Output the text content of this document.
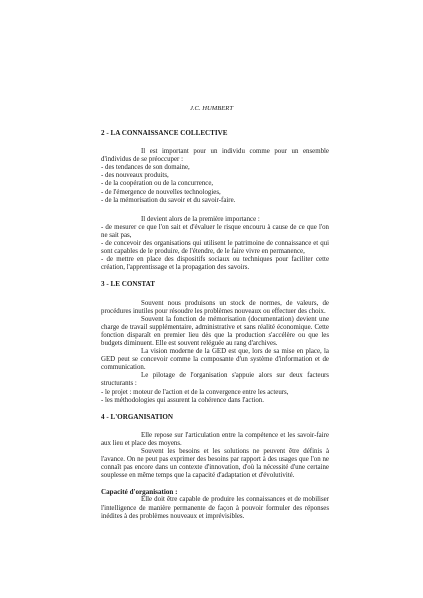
J.C. HUMBERT
2 - LA CONNAISSANCE COLLECTIVE

Il est important pour un individu comme pour un ensemble d'individus de se préoccuper :

- des tendances de son domaine,
- des nouveaux produits,
- de la coopération ou de la concurrence,
- de l'émergence de nouvelles technologies,
- de la mémorisation du savoir et du savoir-faire.

Il devient alors de la première importance :

- de mesurer ce que l'on sait et d'évaluer le risque encouru à cause de ce que l'on ne sait pas,

- de concevoir des organisations qui utilisent le patrimoine de connaissance et qui sont capables de le produire, de l'étendre, de le faire vivre en permanence,

- de mettre en place des dispositifs sociaux ou techniques pour faciliter cette création, l'apprentissage et la propagation des savoirs.

3 - LE CONSTAT

Souvent nous produisons un stock de normes, de valeurs, de procédures inutiles pour résoudre les problèmes nouveaux ou effectuer des choix.

Souvent la fonction de mémorisation (documentation) devient une charge de travail supplémentaire, administrative et sans réalité économique. Cette fonction disparaît en premier lieu dès que la production s'accélère ou que les budgets diminuent. Elle est souvent reléguée au rang d'archives.

La vision moderne de la GED est que, lors de sa mise en place, la GED peut se concevoir comme la composante d'un système d'information et de communication.

Le pilotage de l'organisation s'appuie alors sur deux facteurs structurants :

- le projet : moteur de l'action et de la convergence entre les acteurs,
- les méthodologies qui assurent la cohérence dans l'action.
4 - L'ORGANISATION

Elle repose sur l'articulation entre la compétence et les savoir-faire aux lieu et place des moyens.

Souvent les besoins et les solutions ne peuvent être définis à l'avance. On ne peut pas exprimer des besoins par rapport à des usages que l'on ne connaît pas encore dans un contexte d'innovation, d'où la nécessité d'une certaine souplesse en même temps que la capacité d'adaptation et d'évolutivité.

Capacité d'organisation :

Elle doit être capable de produire les connaissances et de mobiliser l'intelligence de manière permanente de façon à pouvoir formuler des réponses inédites à des problèmes nouveaux et imprévisibles.
